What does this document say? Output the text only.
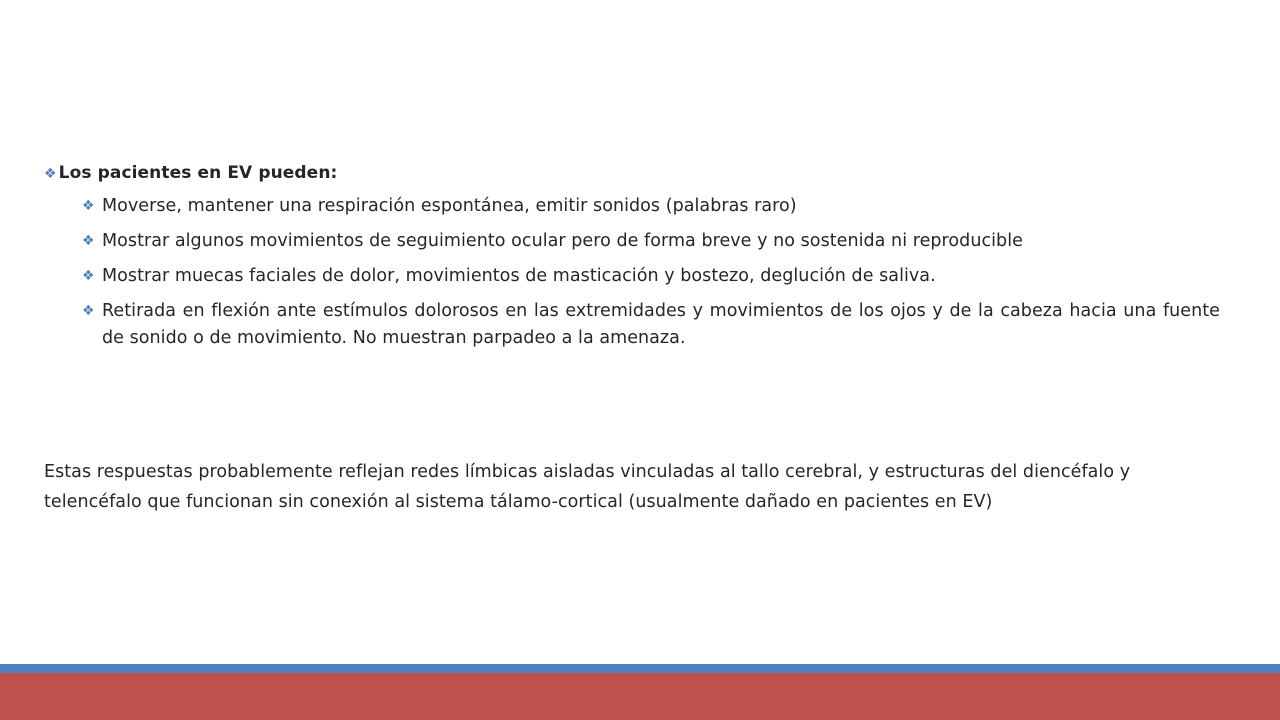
❖ Los pacientes en EV pueden:
❖ Moverse, mantener una respiración espontánea, emitir sonidos (palabras raro)
❖ Mostrar algunos movimientos de seguimiento ocular pero de forma breve y no sostenida ni reproducible
❖ Mostrar muecas faciales de dolor, movimientos de masticación y bostezo, deglución de saliva.
❖ Retirada en flexión ante estímulos dolorosos en las extremidades y movimientos de los ojos y de la cabeza hacia una fuente de sonido o de movimiento. No muestran parpadeo a la amenaza.
Estas respuestas probablemente reflejan redes límbicas aisladas vinculadas al tallo cerebral, y estructuras del diencéfalo y telencéfalo que funcionan sin conexión al sistema tálamo-cortical (usualmente dañado en pacientes en EV)
